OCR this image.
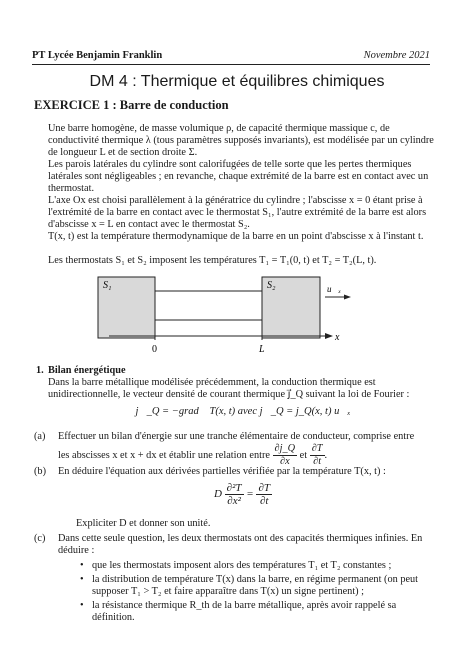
PT Lycée Benjamin Franklin	Novembre 2021
DM 4 : Thermique et équilibres chimiques
EXERCICE 1 : Barre de conduction
Une barre homogène, de masse volumique ρ, de capacité thermique massique c, de conductivité thermique λ (tous paramètres supposés invariants), est modélisée par un cylindre de longueur L et de section droite Σ.
Les parois latérales du cylindre sont calorifugées de telle sorte que les pertes thermiques latérales sont négligeables ; en revanche, chaque extrémité de la barre est en contact avec un thermostat.
L'axe Ox est choisi parallèlement à la génératrice du cylindre ; l'abscisse x = 0 étant prise à l'extrémité de la barre en contact avec le thermostat S₁, l'autre extrémité de la barre est alors d'abscisse x = L en contact avec le thermostat S₂.
T(x, t) est la température thermodynamique de la barre en un point d'abscisse x à l'instant t.
Les thermostats S₁ et S₂ imposent les températures T₁ = T₁(0, t) et T₂ = T₂(L, t).
S₁	S₂
x
u⃗ₓ
0	L
1. Bilan énergétique
Dans la barre métallique modélisée précédemment, la conduction thermique est unidirectionnelle, le vecteur densité de courant thermique j⃗_Q suivant la loi de Fourier :
j⃗_Q = −grad⃗ T(x, t) avec j⃗_Q = j_Q(x, t) u⃗ₓ
(a) Effectuer un bilan d'énergie sur une tranche élémentaire de conducteur, comprise entre les abscisses x et x + dx et établir une relation entre $\frac{\partial j\_Q}{\partial x}$ et $\frac{\partial T}{\partial t}$ .
(b) En déduire l'équation aux dérivées partielles vérifiée par la température T(x, t) :
D $\frac{\text{∂²T}}{\text{∂x²}} = \frac{\partial T}{\partial t}$
Expliciter D et donner son unité.
(c) Dans cette seule question, les deux thermostats ont des capacités thermiques infinies. En déduire :
• que les thermostats imposent alors des températures T₁ et T₂ constantes ;
• la distribution de température T(x) dans la barre, en régime permanent (on peut supposer T₁ > T₂ et faire apparaître dans T(x) un signe pertinent) ;
• la résistance thermique R_th de la barre métallique, après avoir rappelé sa définition.
